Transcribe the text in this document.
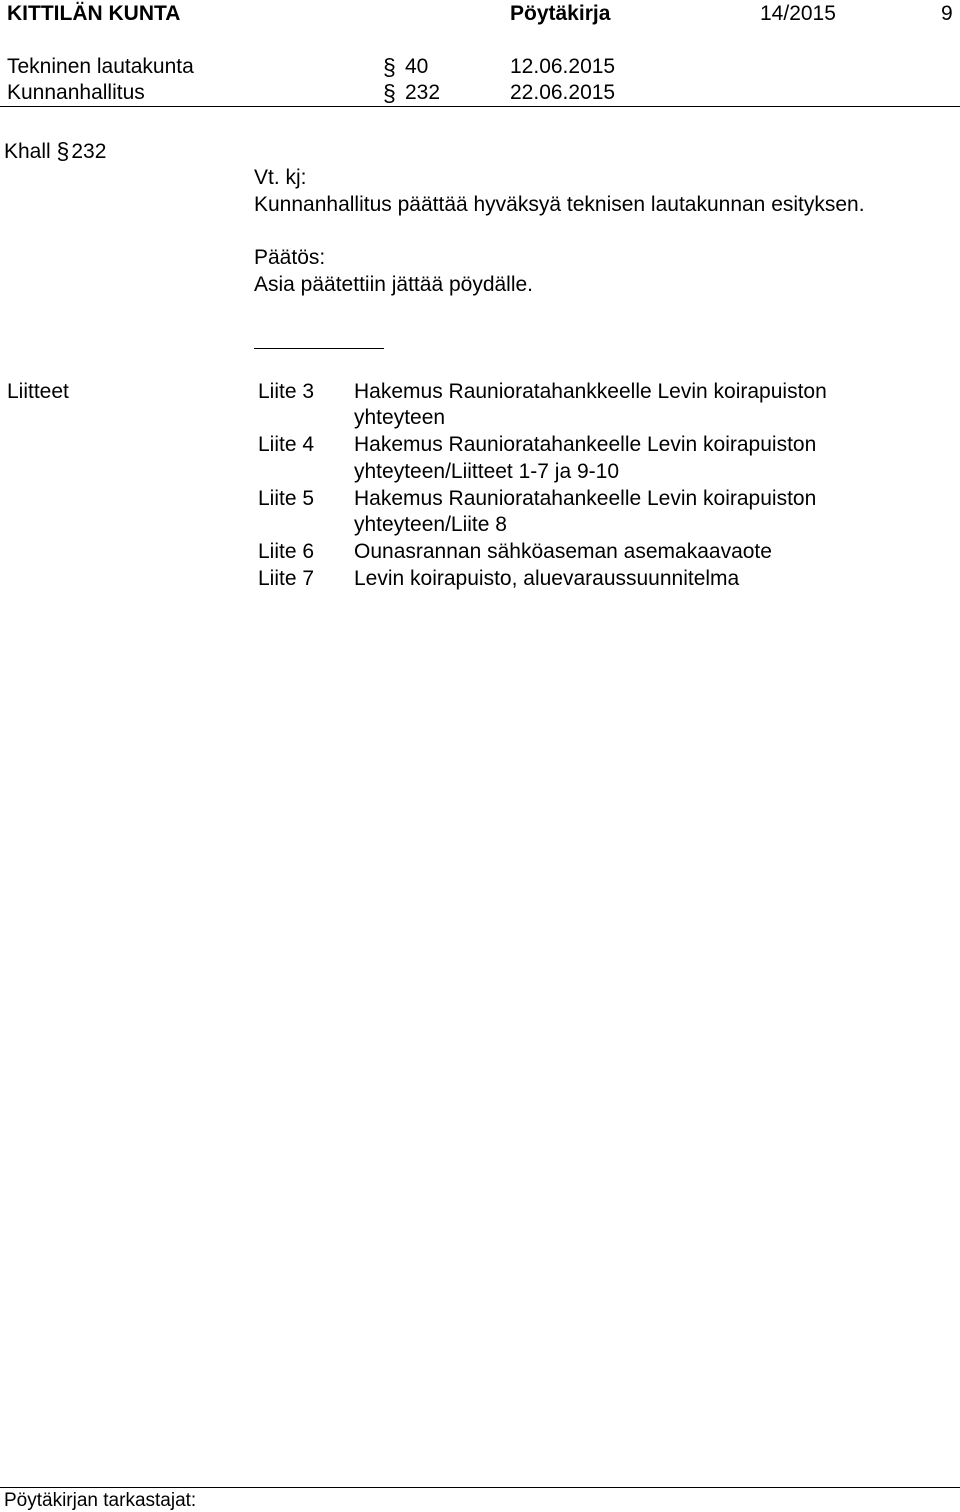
KITTILÄN KUNTA	Pöytäkirja	14/2015	9
Tekninen lautakunta	§ 40	12.06.2015
Kunnanhallitus	§ 232	22.06.2015
Khall §232
Vt. kj:
Kunnanhallitus päättää hyväksyä teknisen lautakunnan esityksen.
Päätös:
Asia päätettiin jättää pöydälle.
Liitteet	Liite 3 Hakemus Raunioratahankkeelle Levin koirapuiston
yhteyteen
Liite 4 Hakemus Raunioratahankeelle Levin koirapuiston
yhteyteen/Liitteet 1-7 ja 9-10
Liite 5 Hakemus Raunioratahankeelle Levin koirapuiston
yhteyteen/Liite 8
Liite 6 Ounasrannan sähköaseman asemakaavaote
Liite 7 Levin koirapuisto, aluevaraussuunnitelma
Pöytäkirjan tarkastajat:
